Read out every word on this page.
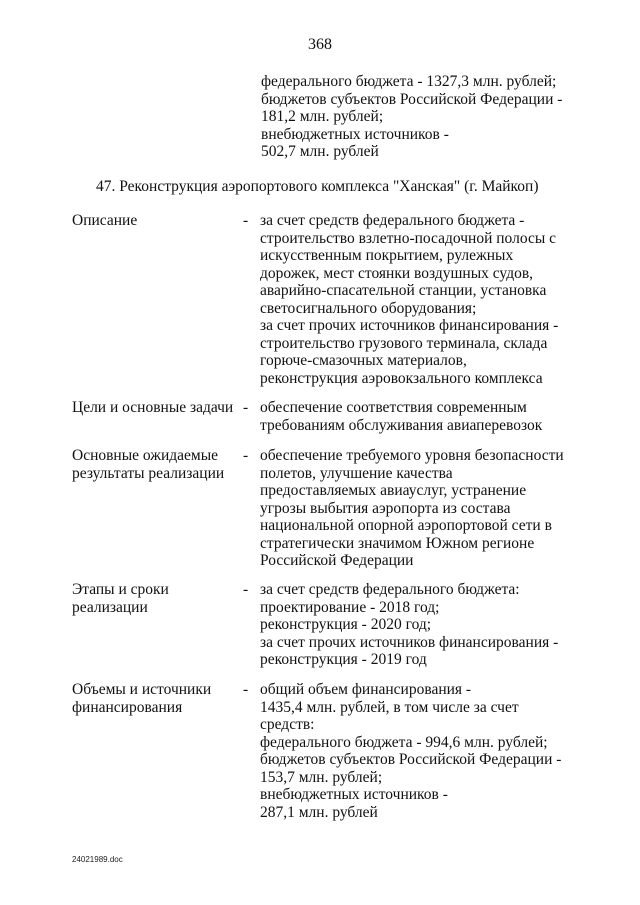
368
федерального бюджета - 1327,3 млн. рублей;
бюджетов субъектов Российской Федерации -
181,2 млн. рублей;
внебюджетных источников -
502,7 млн. рублей
47. Реконструкция аэропортового комплекса "Ханская" (г. Майкоп)
Описание	- за счет средств федерального бюджета -
строительство взлетно-посадочной полосы с
искусственным покрытием, рулежных
дорожек, мест стоянки воздушных судов,
аварийно-спасательной станции, установка
светосигнального оборудования;
за счет прочих источников финансирования -
строительство грузового терминала, склада
горюче-смазочных материалов,
реконструкция аэровокзального комплекса
Цели и основные задачи - обеспечение соответствия современным
требованиям обслуживания авиаперевозок
Основные ожидаемые
результаты реализации
- обеспечение требуемого уровня безопасности
полетов, улучшение качества
предоставляемых авиауслуг, устранение
угрозы выбытия аэропорта из состава
национальной опорной аэропортовой сети в
стратегически значимом Южном регионе
Российской Федерации
Этапы и сроки
реализации
- за счет средств федерального бюджета:
проектирование - 2018 год;
реконструкция - 2020 год;
за счет прочих источников финансирования -
реконструкция - 2019 год
Объемы и источники
финансирования
- общий объем финансирования -
1435,4 млн. рублей, в том числе за счет
средств:
федерального бюджета - 994,6 млн. рублей;
бюджетов субъектов Российской Федерации -
153,7 млн. рублей;
внебюджетных источников -
287,1 млн. рублей
24021989.doc
